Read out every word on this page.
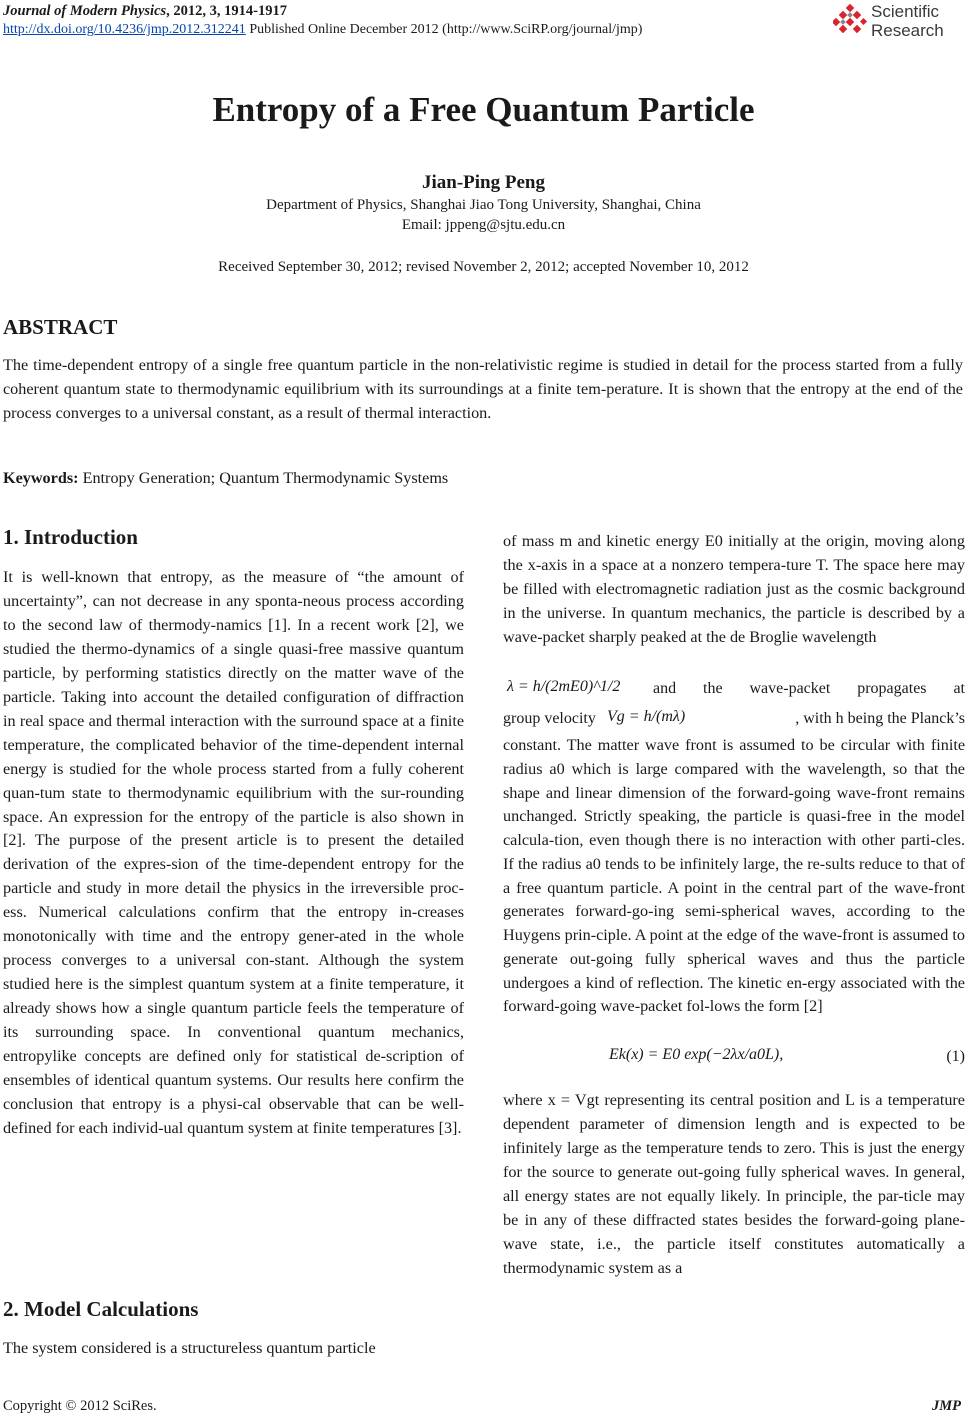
Journal of Modern Physics, 2012, 3, 1914-1917
http://dx.doi.org/10.4236/jmp.2012.312241 Published Online December 2012 (http://www.SciRP.org/journal/jmp)
Scientific
Research
Entropy of a Free Quantum Particle
Jian-Ping Peng
Department of Physics, Shanghai Jiao Tong University, Shanghai, China
Email: jppeng@sjtu.edu.cn
Received September 30, 2012; revised November 2, 2012; accepted November 10, 2012
ABSTRACT
The time-dependent entropy of a single free quantum particle in the non-relativistic regime is studied in detail for the process started from a fully coherent quantum state to thermodynamic equilibrium with its surroundings at a finite tem-perature. It is shown that the entropy at the end of the process converges to a universal constant, as a result of thermal interaction.
Keywords: Entropy Generation; Quantum Thermodynamic Systems
1. Introduction
It is well-known that entropy, as the measure of “the amount of uncertainty”, can not decrease in any sponta-neous process according to the second law of thermody-namics [1]. In a recent work [2], we studied the thermo-dynamics of a single quasi-free massive quantum particle, by performing statistics directly on the matter wave of the particle. Taking into account the detailed configuration of diffraction in real space and thermal interaction with the surround space at a finite temperature, the complicated behavior of the time-dependent internal energy is studied for the whole process started from a fully coherent quan-tum state to thermodynamic equilibrium with the sur-rounding space. An expression for the entropy of the particle is also shown in [2]. The purpose of the present article is to present the detailed derivation of the expres-sion of the time-dependent entropy for the particle and study in more detail the physics in the irreversible proc-ess. Numerical calculations confirm that the entropy in-creases monotonically with time and the entropy gener-ated in the whole process converges to a universal con-stant. Although the system studied here is the simplest quantum system at a finite temperature, it already shows how a single quantum particle feels the temperature of its surrounding space. In conventional quantum mechanics, entropylike concepts are defined only for statistical de-scription of ensembles of identical quantum systems. Our results here confirm the conclusion that entropy is a physi-cal observable that can be well-defined for each individ-ual quantum system at finite temperatures [3].
2. Model Calculations
The system considered is a structureless quantum particle
of mass m and kinetic energy E0 initially at the origin, moving along the x-axis in a space at a nonzero tempera-ture T. The space here may be filled with electromagnetic radiation just as the cosmic background in the universe. In quantum mechanics, the particle is described by a wave-packet sharply peaked at the de Broglie wavelength
λ = h/(2mE0)^1/2 and the wave-packet propagates at
group velocity Vg = h/(mλ)	, with h being the Planck’s
constant. The matter wave front is assumed to be circular with finite radius a0 which is large compared with the wavelength, so that the shape and linear dimension of the forward-going wave-front remains unchanged. Strictly speaking, the particle is quasi-free in the model calcula-tion, even though there is no interaction with other parti-cles. If the radius a0 tends to be infinitely large, the re-sults reduce to that of a free quantum particle. A point in the central part of the wave-front generates forward-go-ing semi-spherical waves, according to the Huygens prin-ciple. A point at the edge of the wave-front is assumed to generate out-going fully spherical waves and thus the particle undergoes a kind of reflection. The kinetic en-ergy associated with the forward-going wave-packet fol-lows the form [2]
Ek(x) = E0 exp(−2λx/a0L),	(1)
where x = Vgt representing its central position and L is a temperature dependent parameter of dimension length and is expected to be infinitely large as the temperature tends to zero. This is just the energy for the source to generate out-going fully spherical waves. In general, all energy states are not equally likely. In principle, the par-ticle may be in any of these diffracted states besides the forward-going plane-wave state, i.e., the particle itself constitutes automatically a thermodynamic system as a
Copyright © 2012 SciRes.	JMP
